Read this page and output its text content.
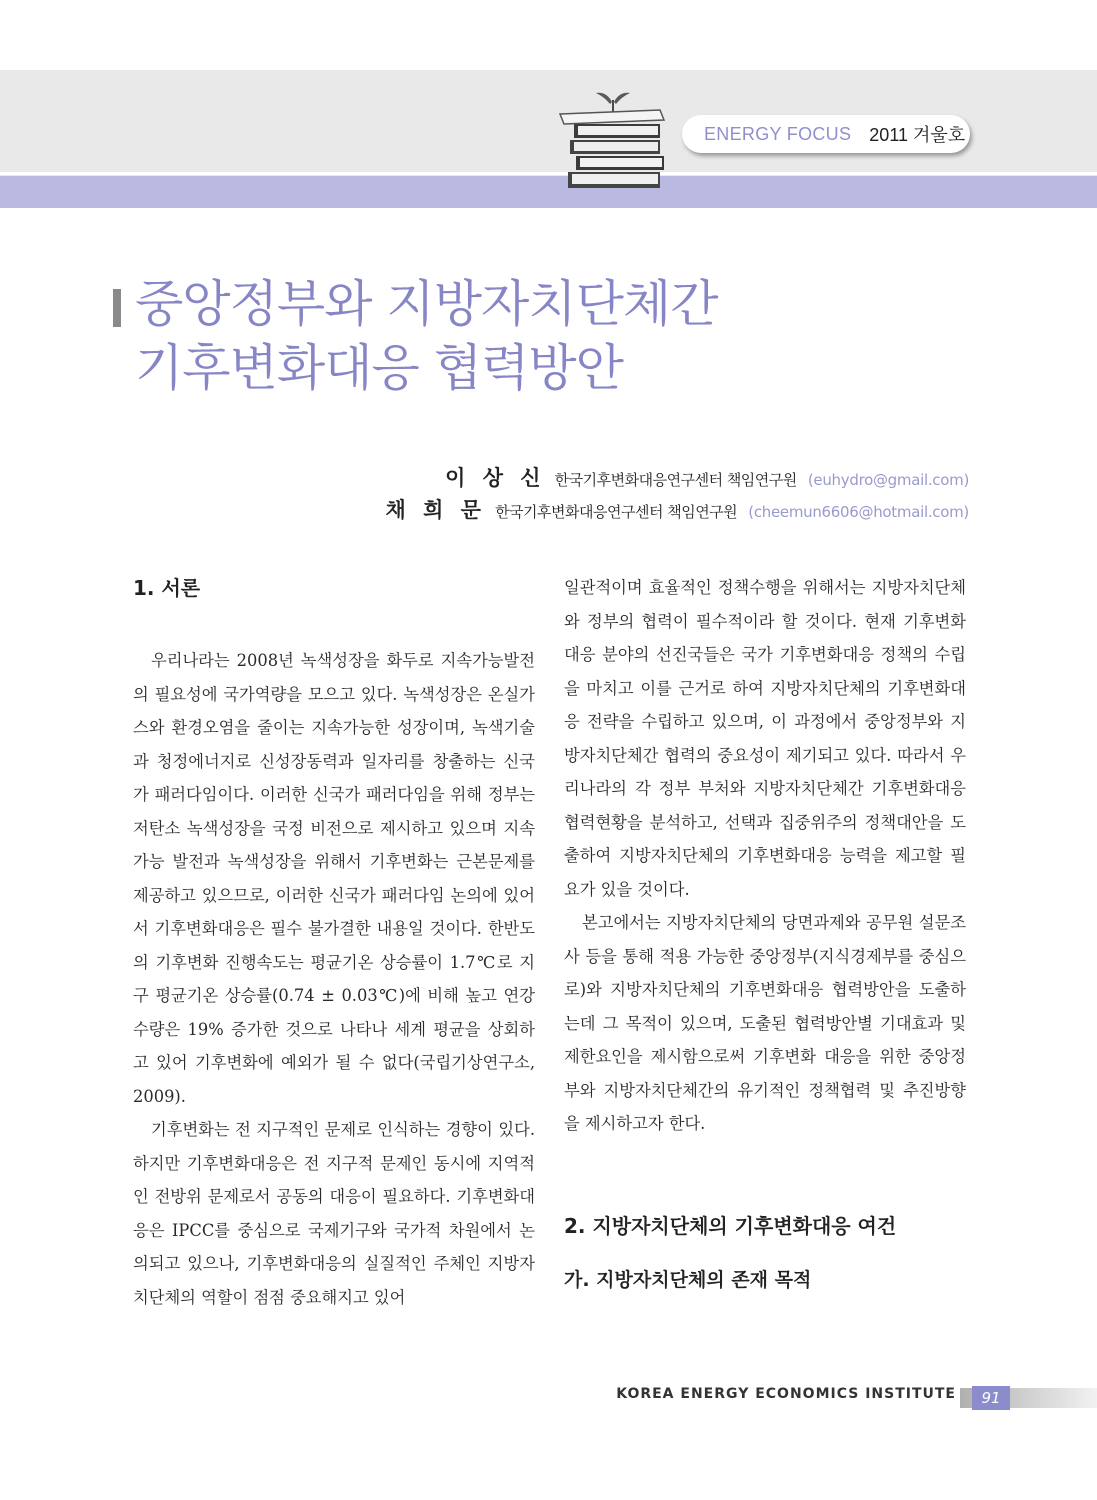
ENERGY FOCUS 2011 겨울호
중앙정부와 지방자치단체간
기후변화대응 협력방안
이 상 신 한국기후변화대응연구센터 책임연구원 (euhydro@gmail.com)
채 희 문 한국기후변화대응연구센터 책임연구원 (cheemun6606@hotmail.com)
1. 서론

우리나라는 2008년 녹색성장을 화두로 지속가능발전의 필요성에 국가역량을 모으고 있다. 녹색성장은 온실가스와 환경오염을 줄이는 지속가능한 성장이며, 녹색기술과 청정에너지로 신성장동력과 일자리를 창출하는 신국가 패러다임이다. 이러한 신국가 패러다임을 위해 정부는 저탄소 녹색성장을 국정 비전으로 제시하고 있으며 지속가능 발전과 녹색성장을 위해서 기후변화는 근본문제를 제공하고 있으므로, 이러한 신국가 패러다임 논의에 있어서 기후변화대응은 필수 불가결한 내용일 것이다. 한반도의 기후변화 진행속도는 평균기온 상승률이 1.7℃로 지구 평균기온 상승률(0.74 ± 0.03℃)에 비해 높고 연강수량은 19% 증가한 것으로 나타나 세계 평균을 상회하고 있어 기후변화에 예외가 될 수 없다(국립기상연구소, 2009).

기후변화는 전 지구적인 문제로 인식하는 경향이 있다. 하지만 기후변화대응은 전 지구적 문제인 동시에 지역적인 전방위 문제로서 공동의 대응이 필요하다. 기후변화대응은 IPCC를 중심으로 국제기구와 국가적 차원에서 논의되고 있으나, 기후변화대응의 실질적인 주체인 지방자치단체의 역할이 점점 중요해지고 있어

일관적이며 효율적인 정책수행을 위해서는 지방자치단체와 정부의 협력이 필수적이라 할 것이다. 현재 기후변화대응 분야의 선진국들은 국가 기후변화대응 정책의 수립을 마치고 이를 근거로 하여 지방자치단체의 기후변화대응 전략을 수립하고 있으며, 이 과정에서 중앙정부와 지방자치단체간 협력의 중요성이 제기되고 있다. 따라서 우리나라의 각 정부 부처와 지방자치단체간 기후변화대응 협력현황을 분석하고, 선택과 집중위주의 정책대안을 도출하여 지방자치단체의 기후변화대응 능력을 제고할 필요가 있을 것이다.

본고에서는 지방자치단체의 당면과제와 공무원 설문조사 등을 통해 적용 가능한 중앙정부(지식경제부를 중심으로)와 지방자치단체의 기후변화대응 협력방안을 도출하는데 그 목적이 있으며, 도출된 협력방안별 기대효과 및 제한요인을 제시함으로써 기후변화 대응을 위한 중앙정부와 지방자치단체간의 유기적인 정책협력 및 추진방향을 제시하고자 한다.

2. 지방자치단체의 기후변화대응 여건
가. 지방자치단체의 존재 목적
KOREA ENERGY ECONOMICS INSTITUTE	91
